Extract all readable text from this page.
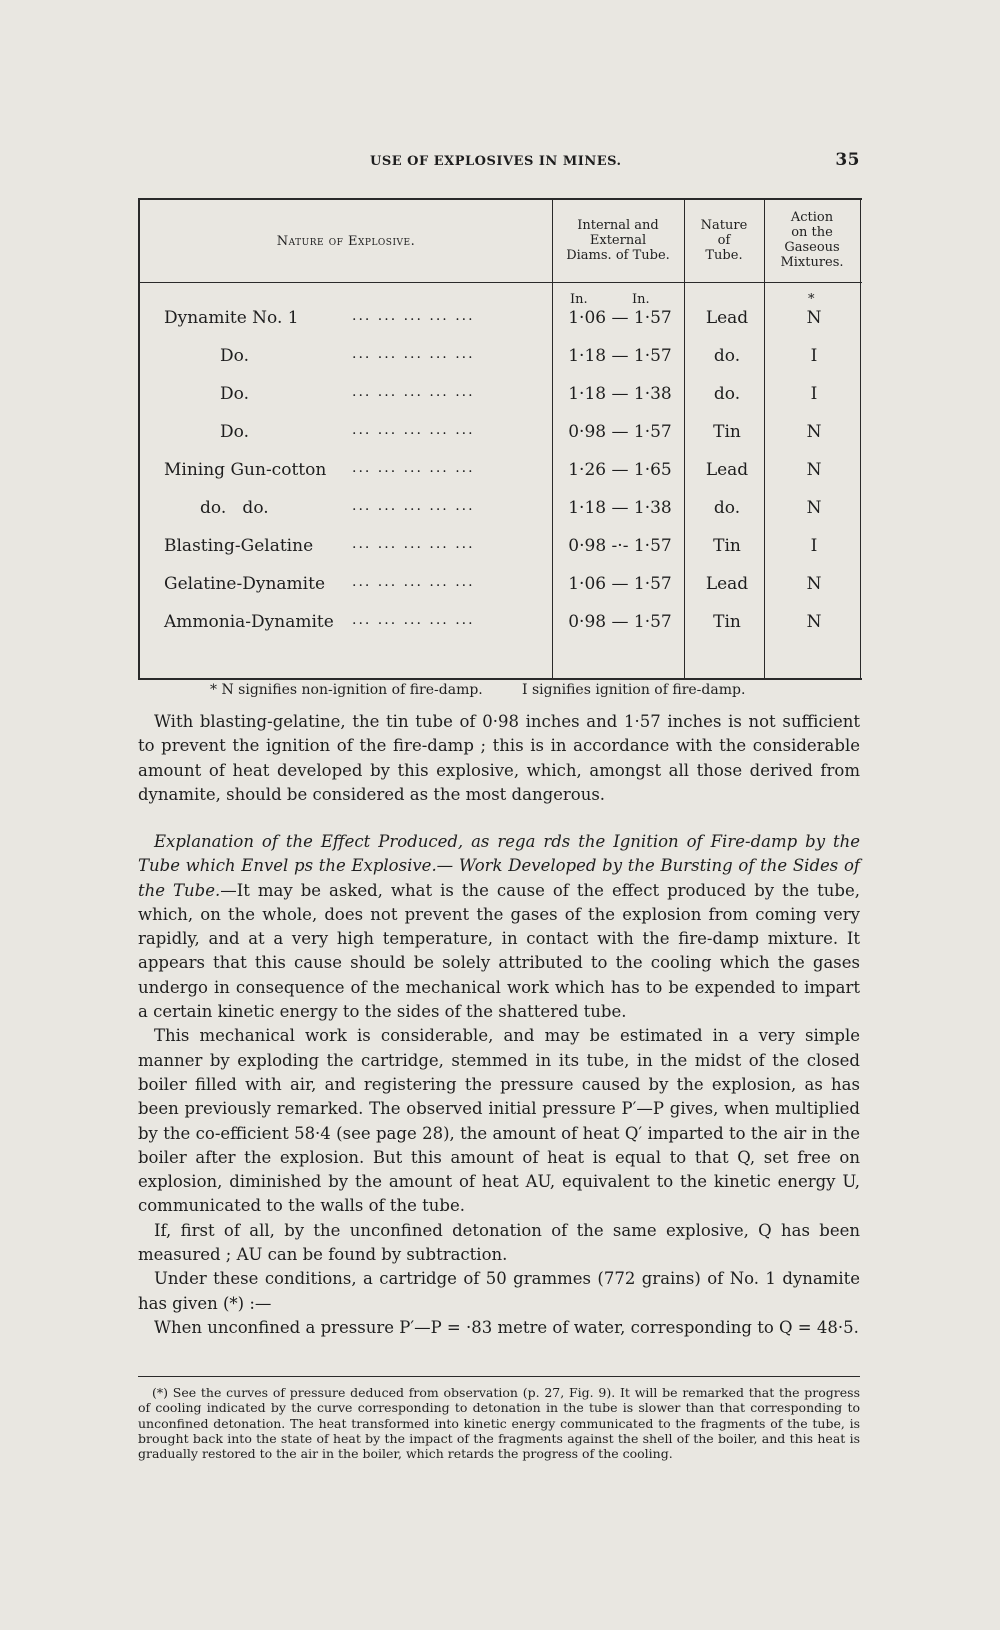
USE OF EXPLOSIVES IN MINES.	35
Nature of Explosive.
Internal and
External
Diams. of Tube.
Nature
of
Tube.
Action
on the
Gaseous
Mixtures.
In.	In.	*
Dynamite No. 1	... ... ... ... ...	1·06 — 1·57	Lead	N
Do.	... ... ... ... ...	1·18 — 1·57	do.	I
Do.	... ... ... ... ...	1·18 — 1·38	do.	I
Do.	... ... ... ... ...	0·98 — 1·57	Tin	N
Mining Gun-cotton ... ... ... ... ...	1·26 — 1·65	Lead	N
do.   do.	... ... ... ... ...	1·18 — 1·38	do.	N
Blasting-Gelatine	... ... ... ... ...	0·98 -·- 1·57	Tin	I
Gelatine-Dynamite ... ... ... ... ...	1·06 — 1·57	Lead	N
Ammonia-Dynamite ... ... ... ... ...	0·98 — 1·57	Tin	N
* N signifies non-ignition of fire-damp.	I signifies ignition of fire-damp.

With blasting-gelatine, the tin tube of 0·98 inches and 1·57 inches is not sufficient to prevent the ignition of the fire-damp ; this is in accordance with the considerable amount of heat developed by this explosive, which, amongst all those derived from dynamite, should be considered as the most dangerous.

Explanation of the Effect Produced, as rega rds the Ignition of Fire-damp by the Tube which Envel ps the Explosive.— Work Developed by the Bursting of the Sides of the Tube.—It may be asked, what is the cause of the effect produced by the tube, which, on the whole, does not prevent the gases of the explosion from coming very rapidly, and at a very high temperature, in contact with the fire-damp mixture. It appears that this cause should be solely attributed to the cooling which the gases undergo in consequence of the mechanical work which has to be expended to impart a certain kinetic energy to the sides of the shattered tube.

This mechanical work is considerable, and may be estimated in a very simple manner by exploding the cartridge, stemmed in its tube, in the midst of the closed boiler filled with air, and registering the pressure caused by the explosion, as has been previously remarked. The observed initial pressure P′—P gives, when multiplied by the co-efficient 58·4 (see page 28), the amount of heat Q′ imparted to the air in the boiler after the explosion. But this amount of heat is equal to that Q, set free on explosion, diminished by the amount of heat AU, equivalent to the kinetic energy U, communicated to the walls of the tube.

If, first of all, by the unconfined detonation of the same explosive, Q has been measured ; AU can be found by subtraction.

Under these conditions, a cartridge of 50 grammes (772 grains) of No. 1 dynamite has given (*) :—

When unconfined a pressure P′—P = ·83 metre of water, corresponding to Q = 48·5.

(*) See the curves of pressure deduced from observation (p. 27, Fig. 9). It will be remarked that the progress of cooling indicated by the curve corresponding to detonation in the tube is slower than that corresponding to unconfined detonation. The heat transformed into kinetic energy communicated to the fragments of the tube, is brought back into the state of heat by the impact of the fragments against the shell of the boiler, and this heat is gradually restored to the air in the boiler, which retards the progress of the cooling.
